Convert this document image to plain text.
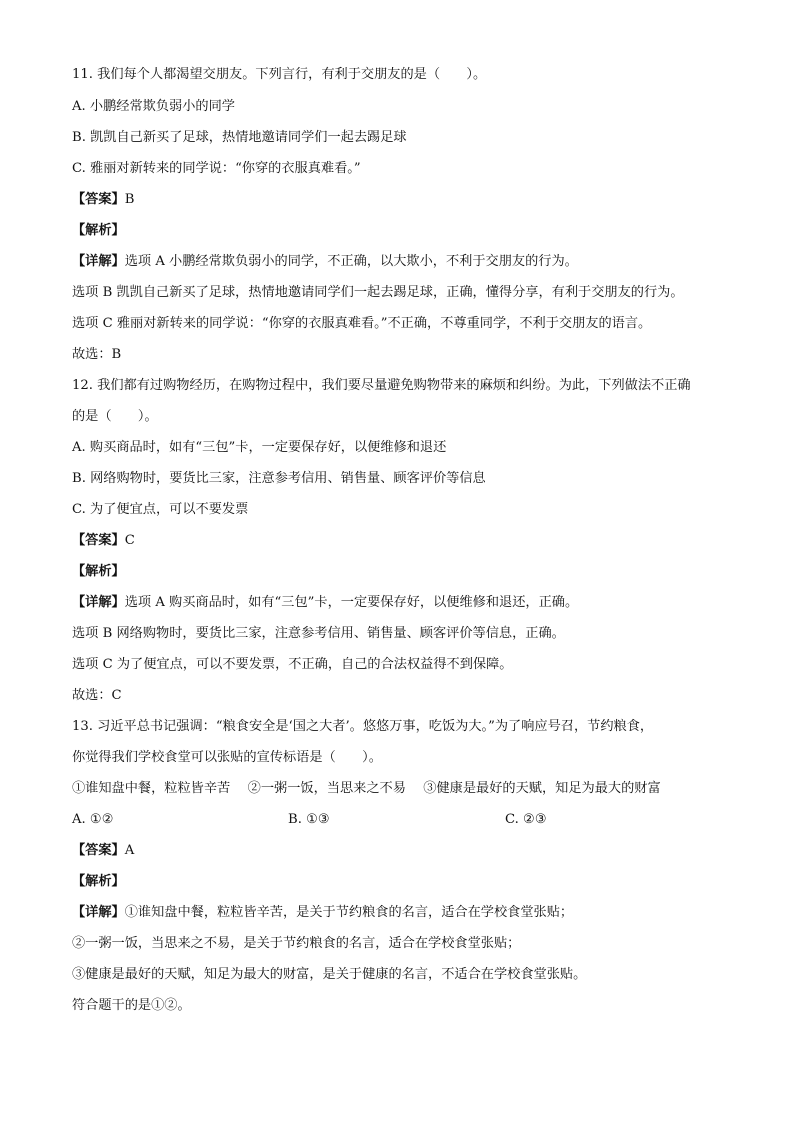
11. 我们每个人都渴望交朋友。下列言行，有利于交朋友的是（　　）。
A. 小鹏经常欺负弱小的同学
B. 凯凯自己新买了足球，热情地邀请同学们一起去踢足球
C. 雅丽对新转来的同学说：“你穿的衣服真难看。”
【答案】B
【解析】
【详解】选项 A 小鹏经常欺负弱小的同学，不正确，以大欺小，不利于交朋友的行为。
选项 B 凯凯自己新买了足球，热情地邀请同学们一起去踢足球，正确，懂得分享，有利于交朋友的行为。
选项 C 雅丽对新转来的同学说：“你穿的衣服真难看。”不正确，不尊重同学，不利于交朋友的语言。
故选：B
12. 我们都有过购物经历，在购物过程中，我们要尽量避免购物带来的麻烦和纠纷。为此，下列做法不正确
的是（　　）。
A. 购买商品时，如有“三包”卡，一定要保存好，以便维修和退还
B. 网络购物时，要货比三家，注意参考信用、销售量、顾客评价等信息
C. 为了便宜点，可以不要发票
【答案】C
【解析】
【详解】选项 A 购买商品时，如有“三包”卡，一定要保存好，以便维修和退还，正确。
选项 B 网络购物时，要货比三家，注意参考信用、销售量、顾客评价等信息，正确。
选项 C 为了便宜点，可以不要发票，不正确，自己的合法权益得不到保障。
故选：C
13. 习近平总书记强调：“粮食安全是‘国之大者’。悠悠万事，吃饭为大。”为了响应号召，节约粮食，
你觉得我们学校食堂可以张贴的宣传标语是（　　）。
①谁知盘中餐，粒粒皆辛苦　 ②一粥一饭，当思来之不易　 ③健康是最好的天赋，知足为最大的财富
A. ①②	B. ①③	C. ②③
【答案】A
【解析】
【详解】①谁知盘中餐，粒粒皆辛苦，是关于节约粮食的名言，适合在学校食堂张贴；
②一粥一饭，当思来之不易，是关于节约粮食的名言，适合在学校食堂张贴；
③健康是最好的天赋，知足为最大的财富，是关于健康的名言，不适合在学校食堂张贴。
符合题干的是①②。
